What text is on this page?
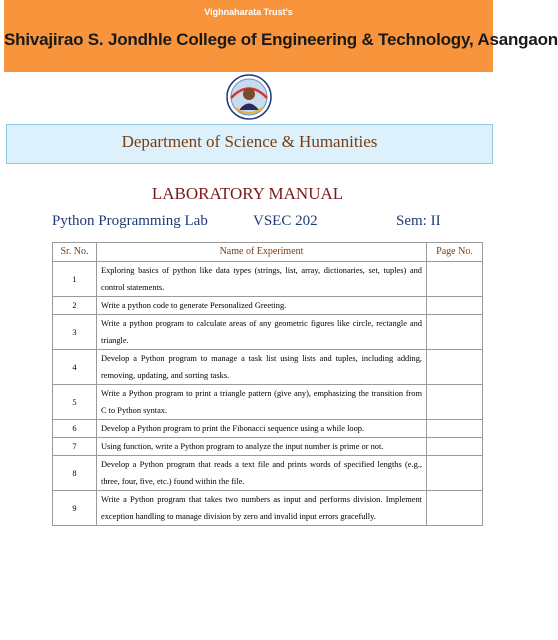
Vighnaharata Trust's
Shivajirao S. Jondhle College of Engineering & Technology, Asangaon
Department of Science & Humanities
LABORATORY MANUAL
Python Programming Lab	VSEC 202	Sem: II
Sr. No.	Name of Experiment	Page No.
1	Exploring basics of python like data types (strings, list, array, dictionaries, set, tuples) and control statements.	
2	Write a python code to generate Personalized Greeting.	
3	Write a python program to calculate areas of any geometric figures like circle, rectangle and triangle.	
4	Develop a Python program to manage a task list using lists and tuples, including adding, removing, updating, and sorting tasks.	
5	Write a Python program to print a triangle pattern (give any), emphasizing the transition from C to Python syntax.	
6	Develop a Python program to print the Fibonacci sequence using a while loop.	
7	Using function, write a Python program to analyze the input number is prime or not.	
8	Develop a Python program that reads a text file and prints words of specified lengths (e.g., three, four, five, etc.) found within the file.	
9	Write a Python program that takes two numbers as input and performs division. Implement exception handling to manage division by zero and invalid input errors gracefully.	
